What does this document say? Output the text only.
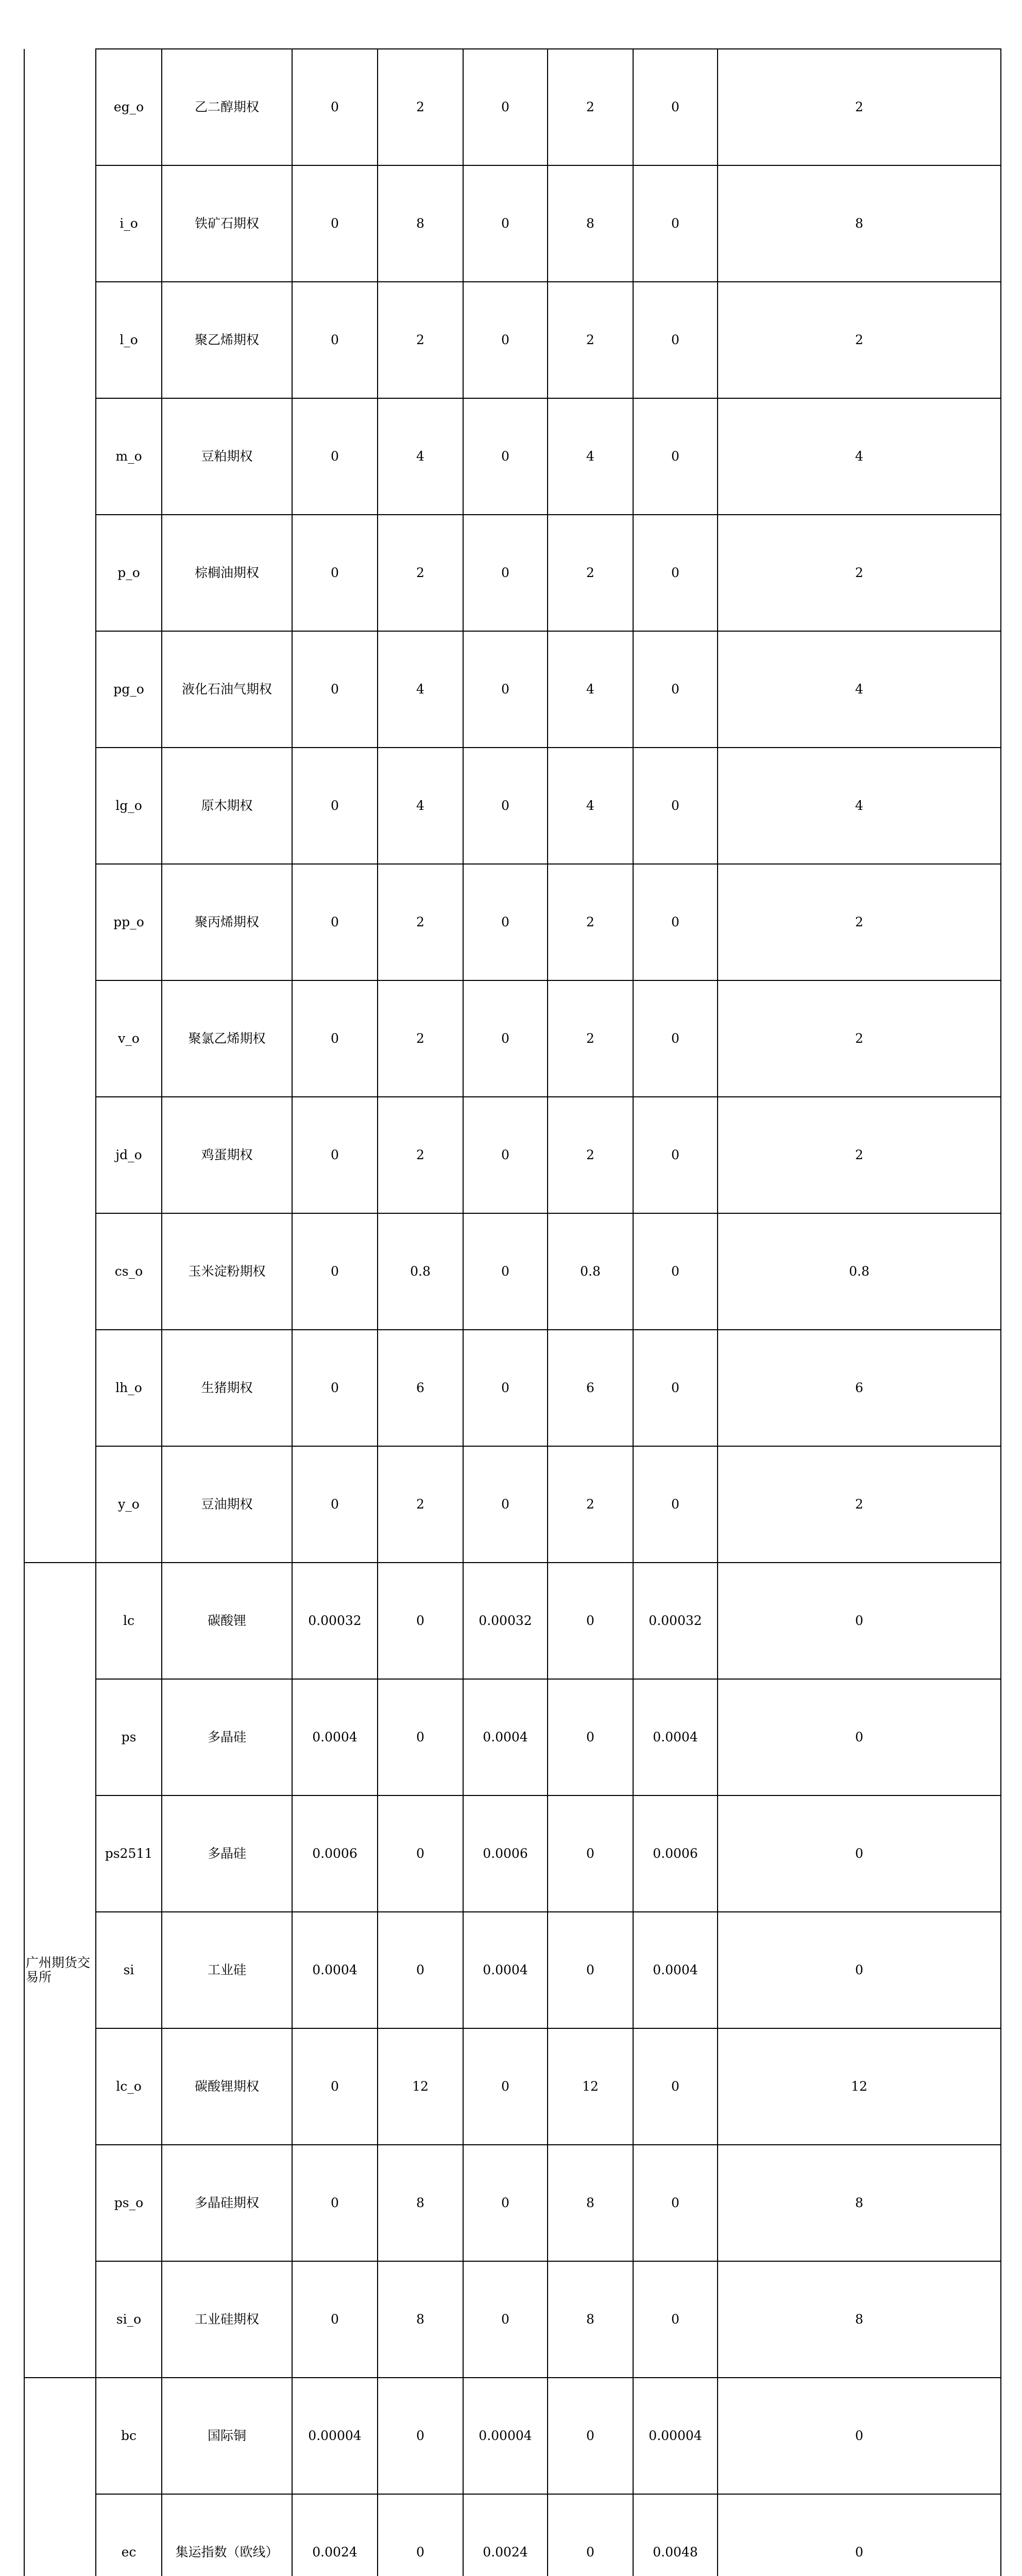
	eg_o	乙二醇期权	0	2	0	2	0	2	
	i_o	铁矿石期权	0	8	0	8	0	8	
	l_o	聚乙烯期权	0	2	0	2	0	2	
	m_o	豆粕期权	0	4	0	4	0	4	
	p_o	棕榈油期权	0	2	0	2	0	2	
	pg_o	液化石油气期权	0	4	0	4	0	4	
	lg_o	原木期权	0	4	0	4	0	4	
	pp_o	聚丙烯期权	0	2	0	2	0	2	
	v_o	聚氯乙烯期权	0	2	0	2	0	2	
	jd_o	鸡蛋期权	0	2	0	2	0	2	
	cs_o	玉米淀粉期权	0	0.8	0	0.8	0	0.8	
	lh_o	生猪期权	0	6	0	6	0	6	
	y_o	豆油期权	0	2	0	2	0	2	
广州期货交易所	lc	碳酸锂	0.00032	0	0.00032	0	0.00032	0	
	ps	多晶硅	0.0004	0	0.0004	0	0.0004	0	
	ps2511	多晶硅	0.0006	0	0.0006	0	0.0006	0	
	si	工业硅	0.0004	0	0.0004	0	0.0004	0	
	lc_o	碳酸锂期权	0	12	0	12	0	12	
	ps_o	多晶硅期权	0	8	0	8	0	8	
	si_o	工业硅期权	0	8	0	8	0	8	
	bc	国际铜	0.00004	0	0.00004	0	0.00004	0	
	ec	集运指数（欧线）	0.0024	0	0.0024	0	0.0048	0	
